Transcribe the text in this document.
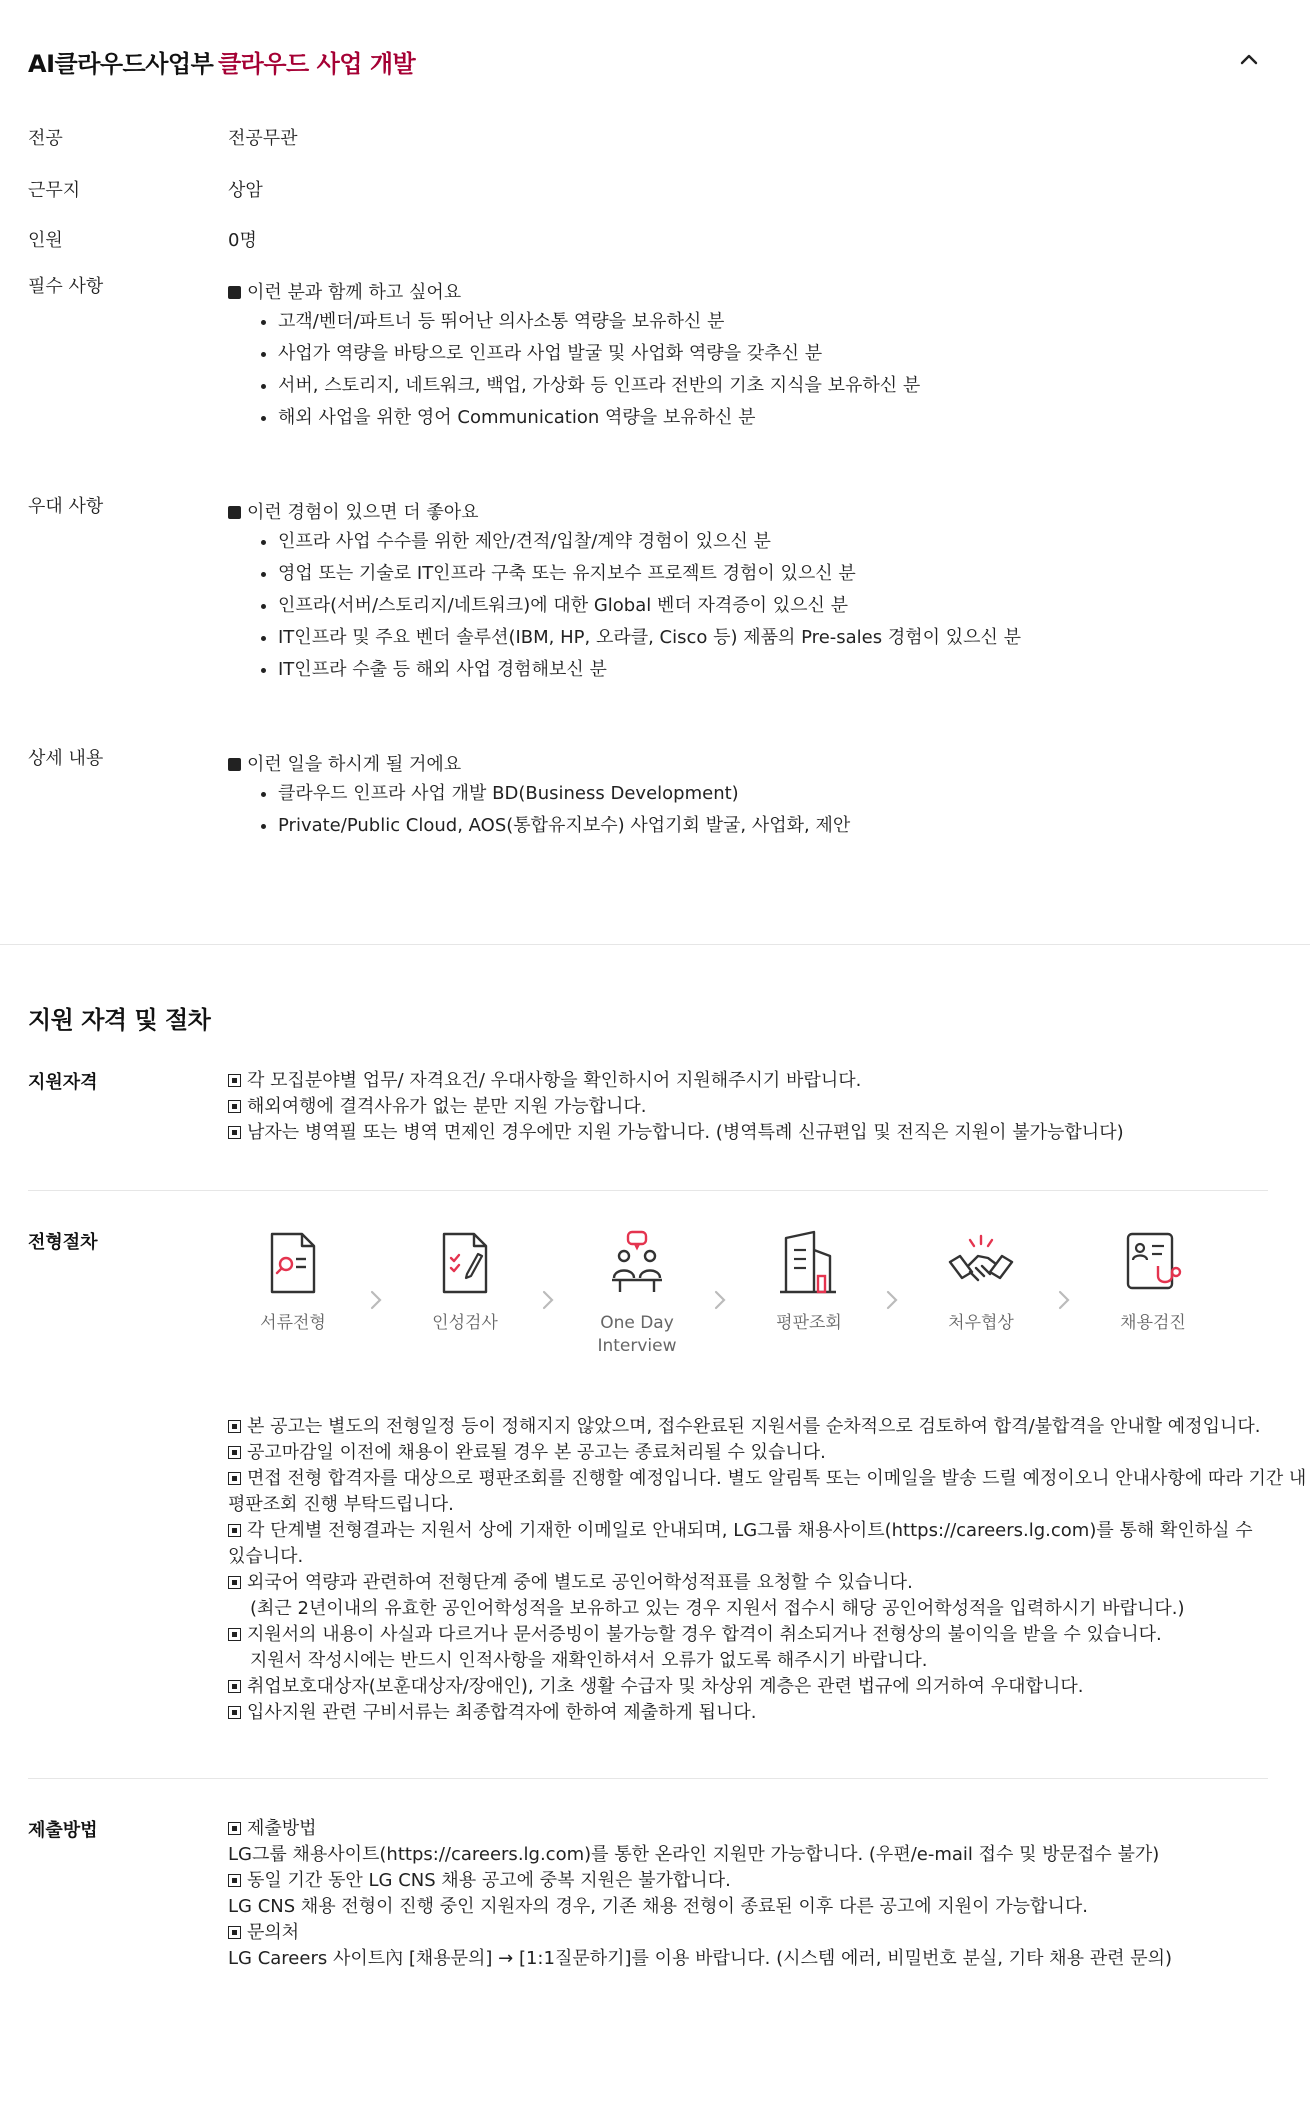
AI클라우드사업부 클라우드 사업 개발
전공	전공무관
근무지	상암
인원	0명
필수 사항	이런 분과 함께 하고 싶어요
• 고객/벤더/파트너 등 뛰어난 의사소통 역량을 보유하신 분
• 사업가 역량을 바탕으로 인프라 사업 발굴 및 사업화 역량을 갖추신 분
• 서버, 스토리지, 네트워크, 백업, 가상화 등 인프라 전반의 기초 지식을 보유하신 분
• 해외 사업을 위한 영어 Communication 역량을 보유하신 분
우대 사항	이런 경험이 있으면 더 좋아요
• 인프라 사업 수수를 위한 제안/견적/입찰/계약 경험이 있으신 분
• 영업 또는 기술로 IT인프라 구축 또는 유지보수 프로젝트 경험이 있으신 분
• 인프라(서버/스토리지/네트워크)에 대한 Global 벤더 자격증이 있으신 분
• IT인프라 및 주요 벤더 솔루션(IBM, HP, 오라클, Cisco 등) 제품의 Pre-sales 경험이 있으신 분
• IT인프라 수출 등 해외 사업 경험해보신 분
상세 내용	이런 일을 하시게 될 거에요
• 클라우드 인프라 사업 개발 BD(Business Development)
• Private/Public Cloud, AOS(통합유지보수) 사업기회 발굴, 사업화, 제안
지원 자격 및 절차
지원자격	각 모집분야별 업무/ 자격요건/ 우대사항을 확인하시어 지원해주시기 바랍니다.
해외여행에 결격사유가 없는 분만 지원 가능합니다.
남자는 병역필 또는 병역 면제인 경우에만 지원 가능합니다. (병역특례 신규편입 및 전직은 지원이 불가능합니다)
전형절차
서류전형	인성검사	One Day
Interview
평판조회	처우협상	채용검진
본 공고는 별도의 전형일정 등이 정해지지 않았으며, 접수완료된 지원서를 순차적으로 검토하여 합격/불합격을 안내할 예정입니다.
공고마감일 이전에 채용이 완료될 경우 본 공고는 종료처리될 수 있습니다.
면접 전형 합격자를 대상으로 평판조회를 진행할 예정입니다. 별도 알림톡 또는 이메일을 발송 드릴 예정이오니 안내사항에 따라 기간 내
평판조회 진행 부탁드립니다.
각 단계별 전형결과는 지원서 상에 기재한 이메일로 안내되며, LG그룹 채용사이트(https://careers.lg.com)를 통해 확인하실 수
있습니다.
외국어 역량과 관련하여 전형단계 중에 별도로 공인어학성적표를 요청할 수 있습니다.
(최근 2년이내의 유효한 공인어학성적을 보유하고 있는 경우 지원서 접수시 해당 공인어학성적을 입력하시기 바랍니다.)
지원서의 내용이 사실과 다르거나 문서증빙이 불가능할 경우 합격이 취소되거나 전형상의 불이익을 받을 수 있습니다.
지원서 작성시에는 반드시 인적사항을 재확인하셔서 오류가 없도록 해주시기 바랍니다.
취업보호대상자(보훈대상자/장애인), 기초 생활 수급자 및 차상위 계층은 관련 법규에 의거하여 우대합니다.
입사지원 관련 구비서류는 최종합격자에 한하여 제출하게 됩니다.
제출방법	제출방법
LG그룹 채용사이트(https://careers.lg.com)를 통한 온라인 지원만 가능합니다. (우편/e-mail 접수 및 방문접수 불가)
동일 기간 동안 LG CNS 채용 공고에 중복 지원은 불가합니다.
LG CNS 채용 전형이 진행 중인 지원자의 경우, 기존 채용 전형이 종료된 이후 다른 공고에 지원이 가능합니다.
문의처
LG Careers 사이트內 [채용문의] → [1:1질문하기]를 이용 바랍니다. (시스템 에러, 비밀번호 분실, 기타 채용 관련 문의)
